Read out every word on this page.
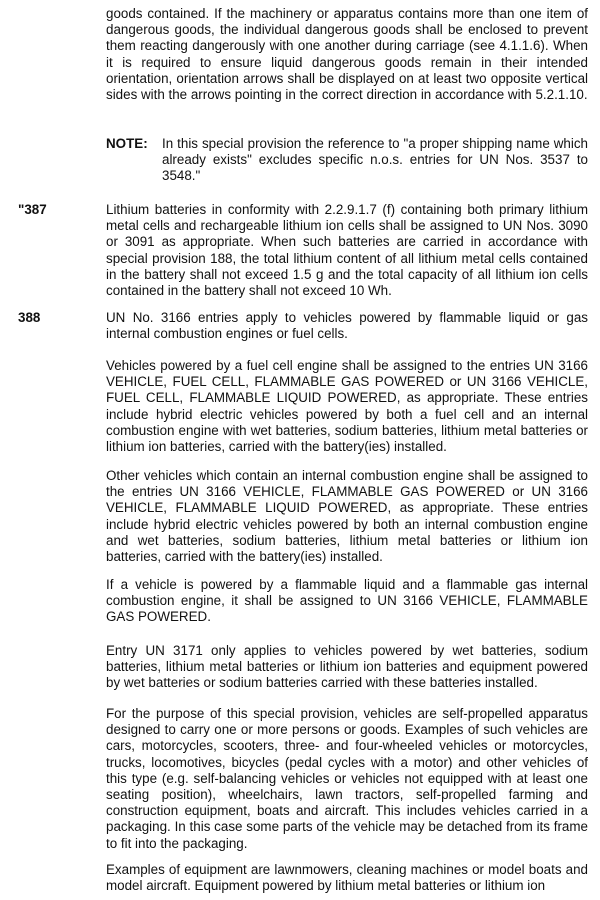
goods contained. If the machinery or apparatus contains more than one item of dangerous goods, the individual dangerous goods shall be enclosed to prevent them reacting dangerously with one another during carriage (see 4.1.1.6). When it is required to ensure liquid dangerous goods remain in their intended orientation, orientation arrows shall be displayed on at least two opposite vertical sides with the arrows pointing in the correct direction in accordance with 5.2.1.10.

NOTE: In this special provision the reference to "a proper shipping name which already exists" excludes specific n.o.s. entries for UN Nos. 3537 to 3548."

"387	Lithium batteries in conformity with 2.2.9.1.7 (f) containing both primary lithium metal cells and rechargeable lithium ion cells shall be assigned to UN Nos. 3090 or 3091 as appropriate. When such batteries are carried in accordance with special provision 188, the total lithium content of all lithium metal cells contained in the battery shall not exceed 1.5 g and the total capacity of all lithium ion cells contained in the battery shall not exceed 10 Wh.

388	UN No. 3166 entries apply to vehicles powered by flammable liquid or gas internal combustion engines or fuel cells.

Vehicles powered by a fuel cell engine shall be assigned to the entries UN 3166 VEHICLE, FUEL CELL, FLAMMABLE GAS POWERED or UN 3166 VEHICLE, FUEL CELL, FLAMMABLE LIQUID POWERED, as appropriate. These entries include hybrid electric vehicles powered by both a fuel cell and an internal combustion engine with wet batteries, sodium batteries, lithium metal batteries or lithium ion batteries, carried with the battery(ies) installed.

Other vehicles which contain an internal combustion engine shall be assigned to the entries UN 3166 VEHICLE, FLAMMABLE GAS POWERED or UN 3166 VEHICLE, FLAMMABLE LIQUID POWERED, as appropriate. These entries include hybrid electric vehicles powered by both an internal combustion engine and wet batteries, sodium batteries, lithium metal batteries or lithium ion batteries, carried with the battery(ies) installed.

If a vehicle is powered by a flammable liquid and a flammable gas internal combustion engine, it shall be assigned to UN 3166 VEHICLE, FLAMMABLE GAS POWERED.

Entry UN 3171 only applies to vehicles powered by wet batteries, sodium batteries, lithium metal batteries or lithium ion batteries and equipment powered by wet batteries or sodium batteries carried with these batteries installed.

For the purpose of this special provision, vehicles are self-propelled apparatus designed to carry one or more persons or goods. Examples of such vehicles are cars, motorcycles, scooters, three- and four-wheeled vehicles or motorcycles, trucks, locomotives, bicycles (pedal cycles with a motor) and other vehicles of this type (e.g. self-balancing vehicles or vehicles not equipped with at least one seating position), wheelchairs, lawn tractors, self-propelled farming and construction equipment, boats and aircraft. This includes vehicles carried in a packaging. In this case some parts of the vehicle may be detached from its frame to fit into the packaging.

Examples of equipment are lawnmowers, cleaning machines or model boats and model aircraft. Equipment powered by lithium metal batteries or lithium ion
